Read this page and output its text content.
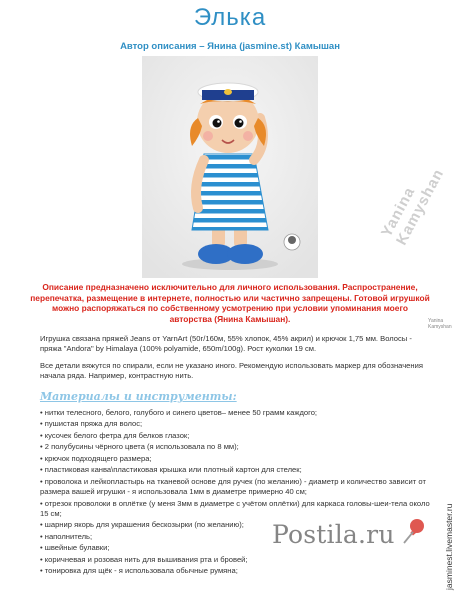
Элька
Автор описания – Янина (jasmine.st) Камышан
Yanina Kamyshan
Yanina Kamyshan
Описание предназначено исключительно для личного использования. Распространение, перепечатка, размещение в интернете, полностью или частично запрещены. Готовой игрушкой можно распоряжаться по собственному усмотрению при условии упоминания моего авторства (Янина Камышан).
Игрушка связана пряжей Jeans от YarnArt (50г/160м, 55% хлопок, 45% акрил) и крючок 1,75 мм. Волосы - пряжа "Andora" by Himalaya (100% polyamide, 650m/100g). Рост куколки 19 см.
Все детали вяжутся по спирали, если не указано иного. Рекомендую использовать маркер для обозначения начала ряда. Например, контрастную нить.
Материалы и инструменты:
• нитки телесного, белого, голубого и синего цветов– менее 50 грамм каждого;
• пушистая пряжа для волос;
• кусочек белого фетра для белков глазок;
• 2 полубусины чёрного цвета (я использовала по 8 мм);
• крючок подходящего размера;
• пластиковая канва\пластиковая крышка или плотный картон для стелек;
• проволока и лейкопластырь на тканевой основе для ручек (по желанию) - диаметр и количество зависит от размера вашей игрушки - я использовала 1мм в диаметре примерно 40 см;
• отрезок проволоки в оплётке (у меня 3мм в диаметре с учётом оплётки) для каркаса головы-шеи-тела около 15 см;
• шарнир якорь для украшения бескозырки (по желанию);
• наполнитель;
• швейные булавки;
• коричневая и розовая нить для вышивания рта и бровей;
• тонировка для щёк - я использовала обычные румяна;	jasminest.livemaster.ru
Postila.ru
